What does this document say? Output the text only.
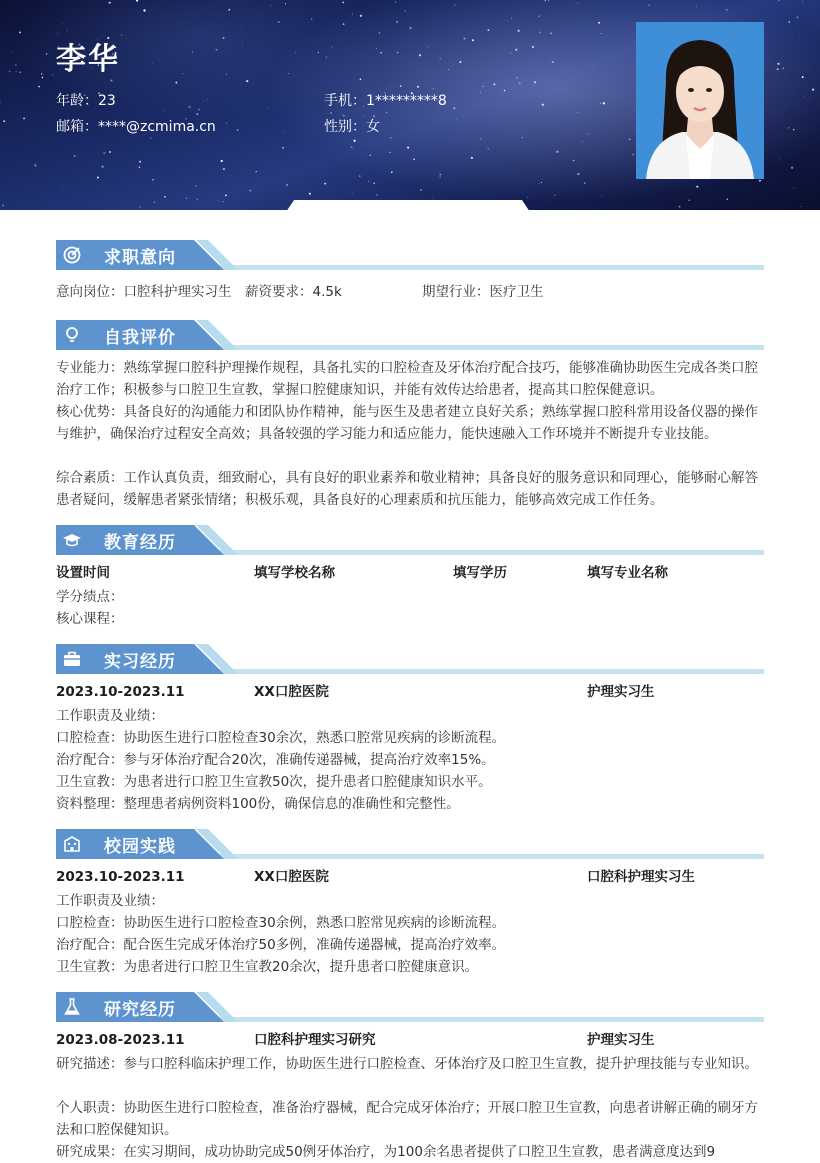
李华
年龄：23	手机：1*********8
邮箱：****@zcmima.cn	性别：女
求职意向
意向岗位：口腔科护理实习生 薪资要求：4.5k	期望行业：医疗卫生
自我评价
专业能力：熟练掌握口腔科护理操作规程，具备扎实的口腔检查及牙体治疗配合技巧，能够准确协助医生完成各类口腔治疗工作；积极参与口腔卫生宣教，掌握口腔健康知识，并能有效传达给患者，提高其口腔保健意识。
核心优势：具备良好的沟通能力和团队协作精神，能与医生及患者建立良好关系；熟练掌握口腔科常用设备仪器的操作与维护，确保治疗过程安全高效；具备较强的学习能力和适应能力，能快速融入工作环境并不断提升专业技能。
综合素质：工作认真负责，细致耐心，具有良好的职业素养和敬业精神；具备良好的服务意识和同理心，能够耐心解答患者疑问，缓解患者紧张情绪；积极乐观，具备良好的心理素质和抗压能力，能够高效完成工作任务。
教育经历
设置时间	填写学校名称	填写学历	填写专业名称
学分绩点：
核心课程：
实习经历
2023.10-2023.11	XX口腔医院	护理实习生
工作职责及业绩：
口腔检查：协助医生进行口腔检查30余次，熟悉口腔常见疾病的诊断流程。
治疗配合：参与牙体治疗配合20次，准确传递器械，提高治疗效率15%。
卫生宣教：为患者进行口腔卫生宣教50次，提升患者口腔健康知识水平。
资料整理：整理患者病例资料100份，确保信息的准确性和完整性。
校园实践
2023.10-2023.11	XX口腔医院	口腔科护理实习生
工作职责及业绩：
口腔检查：协助医生进行口腔检查30余例，熟悉口腔常见疾病的诊断流程。
治疗配合：配合医生完成牙体治疗50多例，准确传递器械，提高治疗效率。
卫生宣教：为患者进行口腔卫生宣教20余次，提升患者口腔健康意识。
研究经历
2023.08-2023.11	口腔科护理实习研究	护理实习生
研究描述：参与口腔科临床护理工作，协助医生进行口腔检查、牙体治疗及口腔卫生宣教，提升护理技能与专业知识。
个人职责：协助医生进行口腔检查，准备治疗器械，配合完成牙体治疗；开展口腔卫生宣教，向患者讲解正确的刷牙方法和口腔保健知识。
研究成果：在实习期间，成功协助完成50例牙体治疗，为100余名患者提供了口腔卫生宣教，患者满意度达到9
